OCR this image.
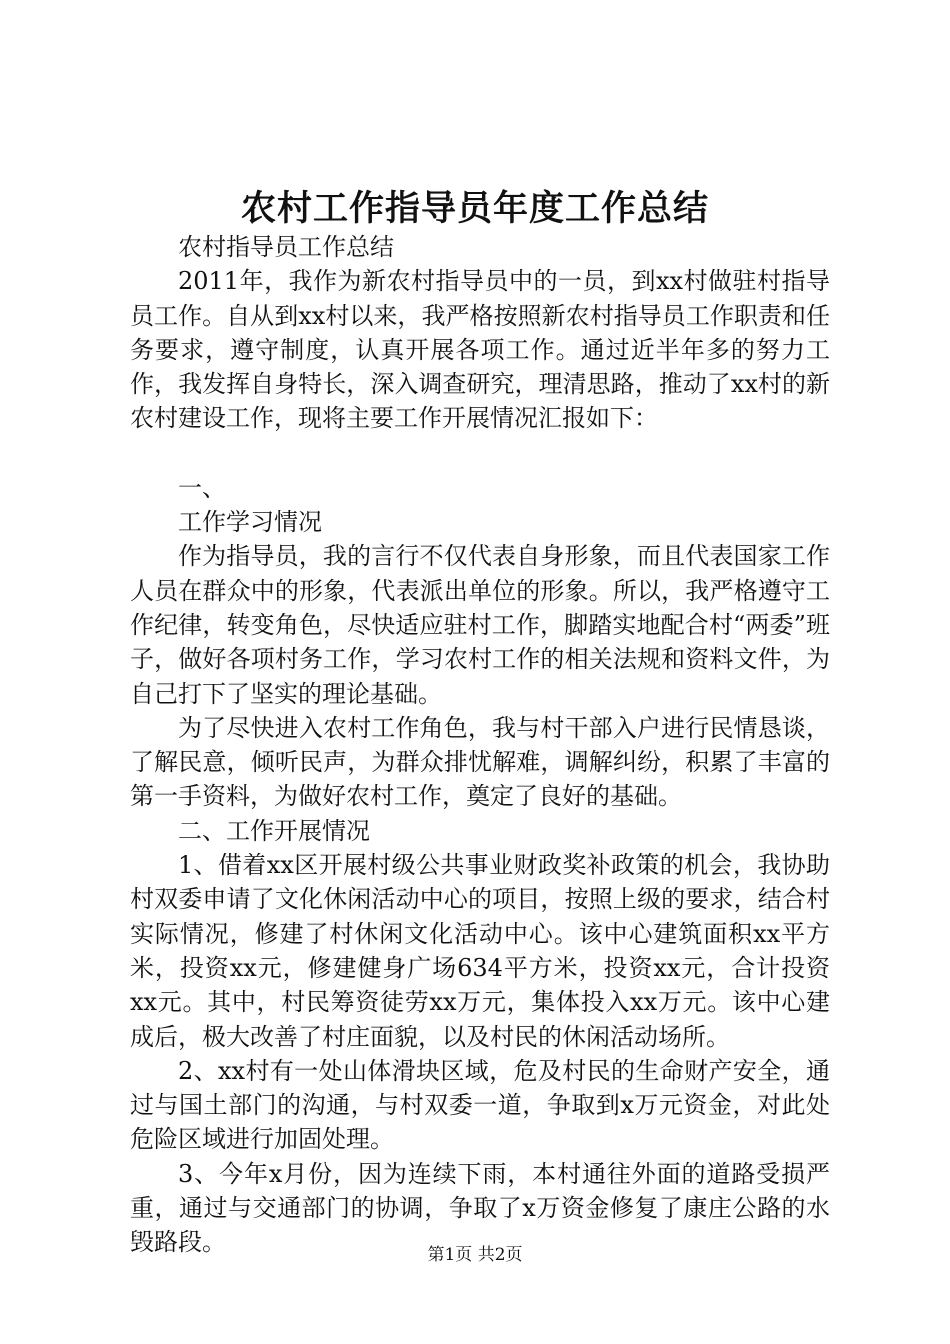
农村工作指导员年度工作总结

农村指导员工作总结

2011年，我作为新农村指导员中的一员，到xx村做驻村指导员工作。自从到xx村以来，我严格按照新农村指导员工作职责和任务要求，遵守制度，认真开展各项工作。通过近半年多的努力工作，我发挥自身特长，深入调查研究，理清思路，推动了xx村的新农村建设工作，现将主要工作开展情况汇报如下：

一、

工作学习情况

作为指导员，我的言行不仅代表自身形象，而且代表国家工作人员在群众中的形象，代表派出单位的形象。所以，我严格遵守工作纪律，转变角色，尽快适应驻村工作，脚踏实地配合村“两委”班子，做好各项村务工作，学习农村工作的相关法规和资料文件，为自己打下了坚实的理论基础。

为了尽快进入农村工作角色，我与村干部入户进行民情恳谈，了解民意，倾听民声，为群众排忧解难，调解纠纷，积累了丰富的第一手资料，为做好农村工作，奠定了良好的基础。

二、工作开展情况

1、借着xx区开展村级公共事业财政奖补政策的机会，我协助村双委申请了文化休闲活动中心的项目，按照上级的要求，结合村实际情况，修建了村休闲文化活动中心。该中心建筑面积xx平方米，投资xx元，修建健身广场634平方米，投资xx元，合计投资xx元。其中，村民筹资徒劳xx万元，集体投入xx万元。该中心建成后，极大改善了村庄面貌，以及村民的休闲活动场所。

2、xx村有一处山体滑块区域，危及村民的生命财产安全，通过与国土部门的沟通，与村双委一道，争取到x万元资金，对此处危险区域进行加固处理。

3、今年x月份，因为连续下雨，本村通往外面的道路受损严重，通过与交通部门的协调，争取了x万资金修复了康庄公路的水毁路段。	第1页 共2页
